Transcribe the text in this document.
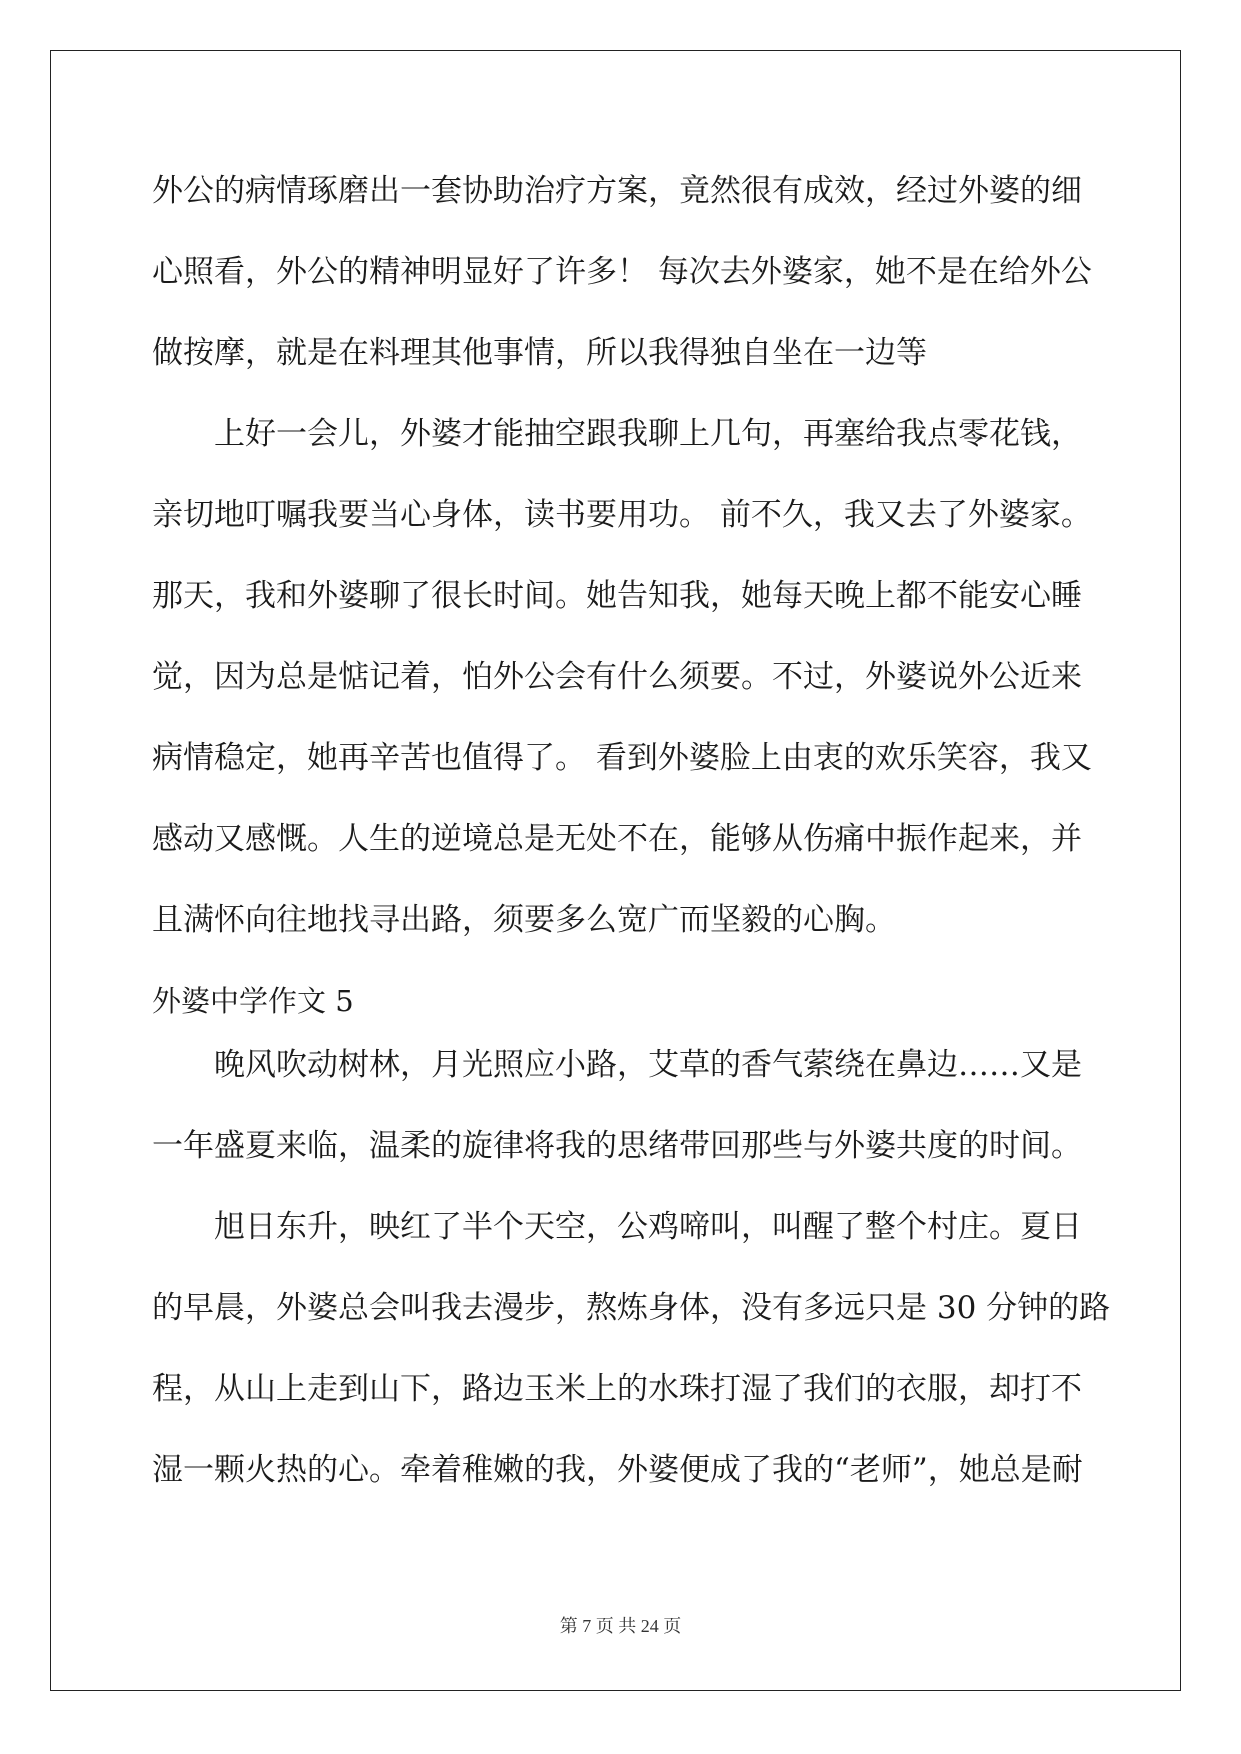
外公的病情琢磨出一套协助治疗方案，竟然很有成效，经过外婆的细
心照看，外公的精神明显好了许多！ 每次去外婆家，她不是在给外公
做按摩，就是在料理其他事情，所以我得独自坐在一边等
上好一会儿，外婆才能抽空跟我聊上几句，再塞给我点零花钱，
亲切地叮嘱我要当心身体，读书要用功。 前不久，我又去了外婆家。
那天，我和外婆聊了很长时间。她告知我，她每天晚上都不能安心睡
觉，因为总是惦记着，怕外公会有什么须要。不过，外婆说外公近来
病情稳定，她再辛苦也值得了。 看到外婆脸上由衷的欢乐笑容，我又
感动又感慨。人生的逆境总是无处不在，能够从伤痛中振作起来，并
且满怀向往地找寻出路，须要多么宽广而坚毅的心胸。
外婆中学作文 5
晚风吹动树林，月光照应小路，艾草的香气萦绕在鼻边……又是
一年盛夏来临，温柔的旋律将我的思绪带回那些与外婆共度的时间。
旭日东升，映红了半个天空，公鸡啼叫，叫醒了整个村庄。夏日
的早晨，外婆总会叫我去漫步，熬炼身体，没有多远只是 30 分钟的路
程，从山上走到山下，路边玉米上的水珠打湿了我们的衣服，却打不
湿一颗火热的心。牵着稚嫩的我，外婆便成了我的“老师”，她总是耐
第 7 页 共 24 页
